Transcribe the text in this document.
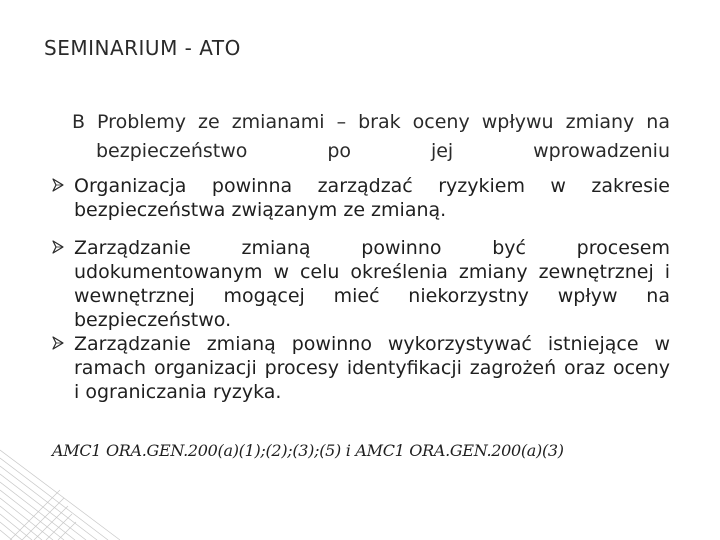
SEMINARIUM - ATO
B Problemy ze zmianami – brak oceny wpływu zmiany na bezpieczeństwo po jej wprowadzeniu
Organizacja powinna zarządzać ryzykiem w zakresie bezpieczeństwa związanym ze zmianą.
Zarządzanie zmianą powinno być procesem udokumentowanym w celu określenia zmiany zewnętrznej i wewnętrznej mogącej mieć niekorzystny wpływ na bezpieczeństwo.
Zarządzanie zmianą powinno wykorzystywać istniejące w ramach organizacji procesy identyfikacji zagrożeń oraz oceny i ograniczania ryzyka.
AMC1 ORA.GEN.200(a)(1);(2);(3);(5) i AMC1 ORA.GEN.200(a)(3)
